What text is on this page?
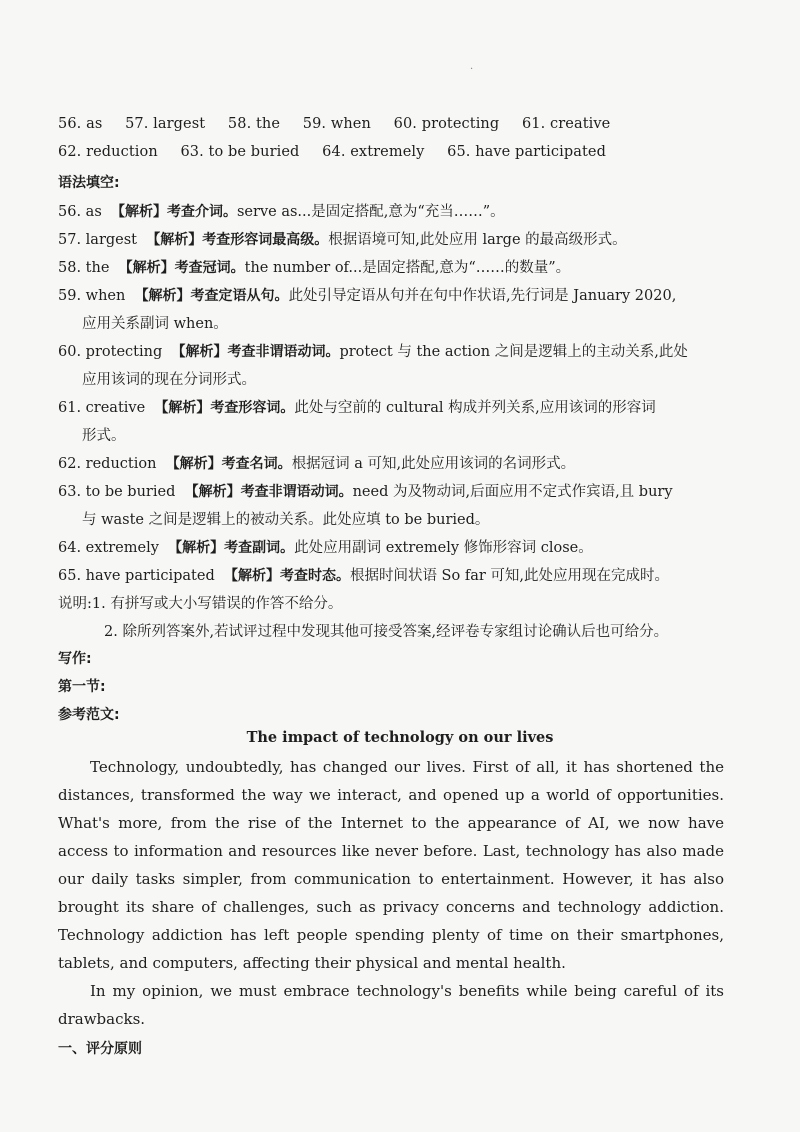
·
56. as 57. largest 58. the 59. when 60. protecting 61. creative
62. reduction 63. to be buried 64. extremely 65. have participated
语法填空:
56. as 【解析】考查介词。serve as...是固定搭配,意为“充当……”。
57. largest 【解析】考查形容词最高级。根据语境可知,此处应用 large 的最高级形式。
58. the 【解析】考查冠词。the number of...是固定搭配,意为“……的数量”。
59. when 【解析】考查定语从句。此处引导定语从句并在句中作状语,先行词是 January 2020,
应用关系副词 when。
60. protecting 【解析】考查非谓语动词。protect 与 the action 之间是逻辑上的主动关系,此处
应用该词的现在分词形式。
61. creative 【解析】考查形容词。此处与空前的 cultural 构成并列关系,应用该词的形容词
形式。
62. reduction 【解析】考查名词。根据冠词 a 可知,此处应用该词的名词形式。
63. to be buried 【解析】考查非谓语动词。need 为及物动词,后面应用不定式作宾语,且 bury
与 waste 之间是逻辑上的被动关系。此处应填 to be buried。
64. extremely 【解析】考查副词。此处应用副词 extremely 修饰形容词 close。
65. have participated 【解析】考查时态。根据时间状语 So far 可知,此处应用现在完成时。
说明:1. 有拼写或大小写错误的作答不给分。
2. 除所列答案外,若试评过程中发现其他可接受答案,经评卷专家组讨论确认后也可给分。
写作:
第一节:
参考范文:
The impact of technology on our lives
Technology, undoubtedly, has changed our lives. First of all, it has shortened the distances, transformed the way we interact, and opened up a world of opportunities. What's more, from the rise of the Internet to the appearance of AI, we now have access to information and resources like never before. Last, technology has also made our daily tasks simpler, from communication to entertainment. However, it has also brought its share of challenges, such as privacy concerns and technology addiction. Technology addiction has left people spending plenty of time on their smartphones, tablets, and computers, affecting their physical and mental health.
In my opinion, we must embrace technology's benefits while being careful of its drawbacks.
一、评分原则
